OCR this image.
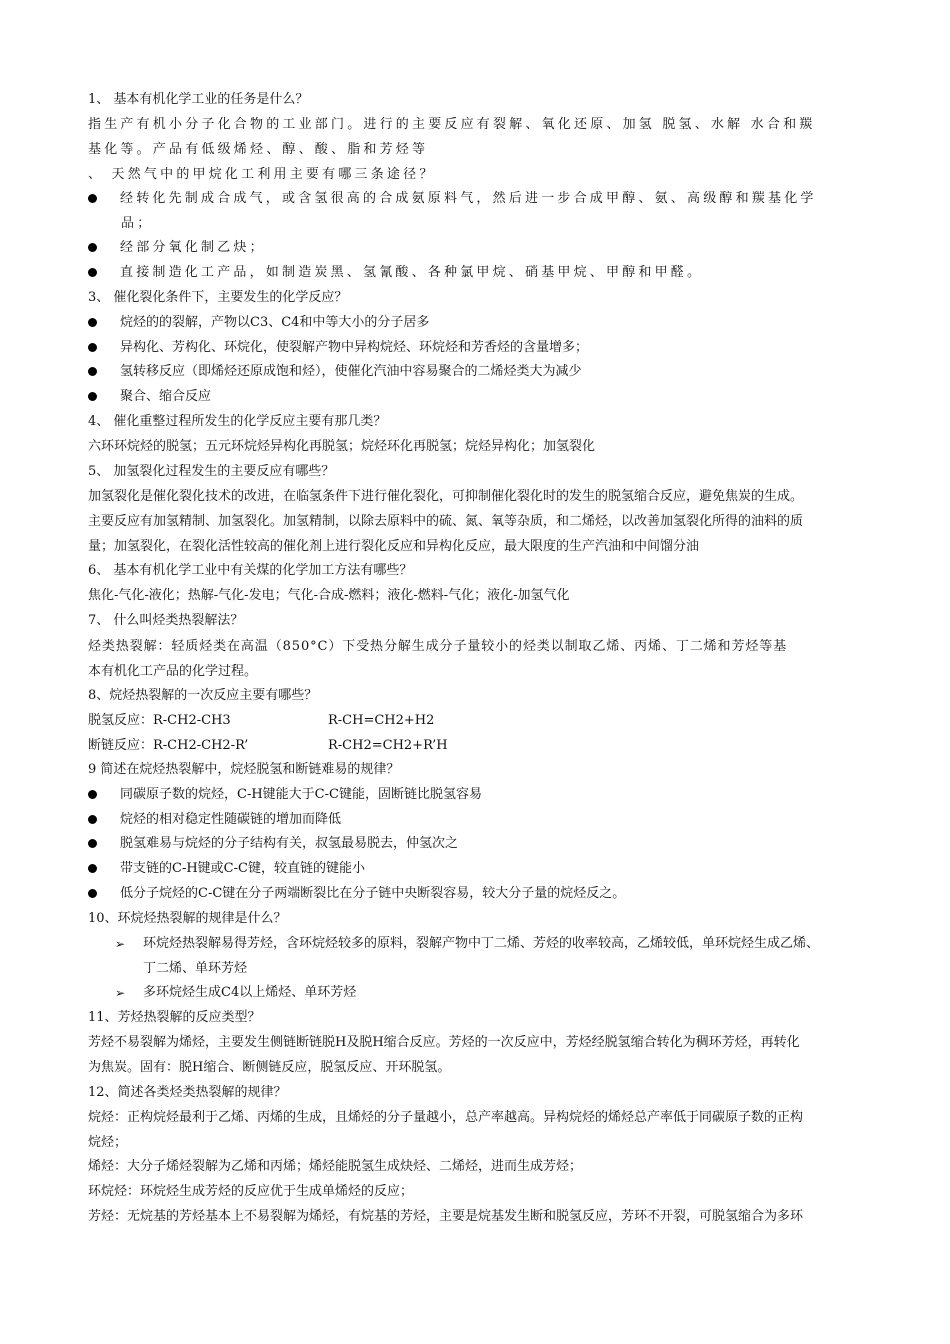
1、 基本有机化学工业的任务是什么？
指生产有机小分子化合物的工业部门。进行的主要反应有裂解、氧化还原、加氢 脱氢、水解 水合和羰
基化等。产品有低级烯烃、醇、酸、脂和芳烃等
、 天然气中的甲烷化工利用主要有哪三条途径？
经转化先制成合成气，或含氢很高的合成氨原料气，然后进一步合成甲醇、氨、高级醇和羰基化学
品；
经部分氧化制乙炔；
直接制造化工产品，如制造炭黑、氢氰酸、各种氯甲烷、硝基甲烷、甲醇和甲醛。
3、 催化裂化条件下，主要发生的化学反应？
烷烃的的裂解，产物以C3、C4和中等大小的分子居多
异构化、芳构化、环烷化，使裂解产物中异构烷烃、环烷烃和芳香烃的含量增多；
氢转移反应（即烯烃还原成饱和烃），使催化汽油中容易聚合的二烯烃类大为减少
聚合、缩合反应
4、 催化重整过程所发生的化学反应主要有那几类？
六环环烷烃的脱氢；五元环烷烃异构化再脱氢；烷烃环化再脱氢；烷烃异构化；加氢裂化
5、 加氢裂化过程发生的主要反应有哪些？
加氢裂化是催化裂化技术的改进，在临氢条件下进行催化裂化，可抑制催化裂化时的发生的脱氢缩合反应，避免焦炭的生成。
主要反应有加氢精制、加氢裂化。加氢精制，以除去原料中的硫、氮、氧等杂质，和二烯烃，以改善加氢裂化所得的油料的质
量；加氢裂化，在裂化活性较高的催化剂上进行裂化反应和异构化反应，最大限度的生产汽油和中间馏分油
6、 基本有机化学工业中有关煤的化学加工方法有哪些？
焦化-气化-液化；热解-气化-发电；气化-合成-燃料；液化-燃料-气化；液化-加氢气化
7、 什么叫烃类热裂解法？
烃类热裂解：轻质烃类在高温（850°C）下受热分解生成分子量较小的烃类以制取乙烯、丙烯、丁二烯和芳烃等基
本有机化工产品的化学过程。
8、烷烃热裂解的一次反应主要有哪些？
脱氢反应：R-CH2-CH3	R-CH=CH2+H2
断链反应：R-CH2-CH2-R’	R-CH2=CH2+R’H
9 简述在烷烃热裂解中，烷烃脱氢和断链难易的规律？
同碳原子数的烷烃，C-H键能大于C-C键能，固断链比脱氢容易
烷烃的相对稳定性随碳链的增加而降低
脱氢难易与烷烃的分子结构有关，叔氢最易脱去，仲氢次之
带支链的C-H键或C-C键，较直链的键能小
低分子烷烃的C-C键在分子两端断裂比在分子链中央断裂容易，较大分子量的烷烃反之。
10、环烷烃热裂解的规律是什么？
➢ 环烷烃热裂解易得芳烃，含环烷烃较多的原料，裂解产物中丁二烯、芳烃的收率较高，乙烯较低，单环烷烃生成乙烯、
丁二烯、单环芳烃
➢ 多环烷烃生成C4以上烯烃、单环芳烃
11、芳烃热裂解的反应类型？
芳烃不易裂解为烯烃，主要发生侧链断链脱H及脱H缩合反应。芳烃的一次反应中，芳烃经脱氢缩合转化为稠环芳烃，再转化
为焦炭。固有：脱H缩合、断侧链反应，脱氢反应、开环脱氢。
12、简述各类烃类热裂解的规律？
烷烃：正构烷烃最利于乙烯、丙烯的生成，且烯烃的分子量越小，总产率越高。异构烷烃的烯烃总产率低于同碳原子数的正构
烷烃；
烯烃：大分子烯烃裂解为乙烯和丙烯；烯烃能脱氢生成炔烃、二烯烃，进而生成芳烃；
环烷烃：环烷烃生成芳烃的反应优于生成单烯烃的反应；
芳烃：无烷基的芳烃基本上不易裂解为烯烃，有烷基的芳烃，主要是烷基发生断和脱氢反应，芳环不开裂，可脱氢缩合为多环
